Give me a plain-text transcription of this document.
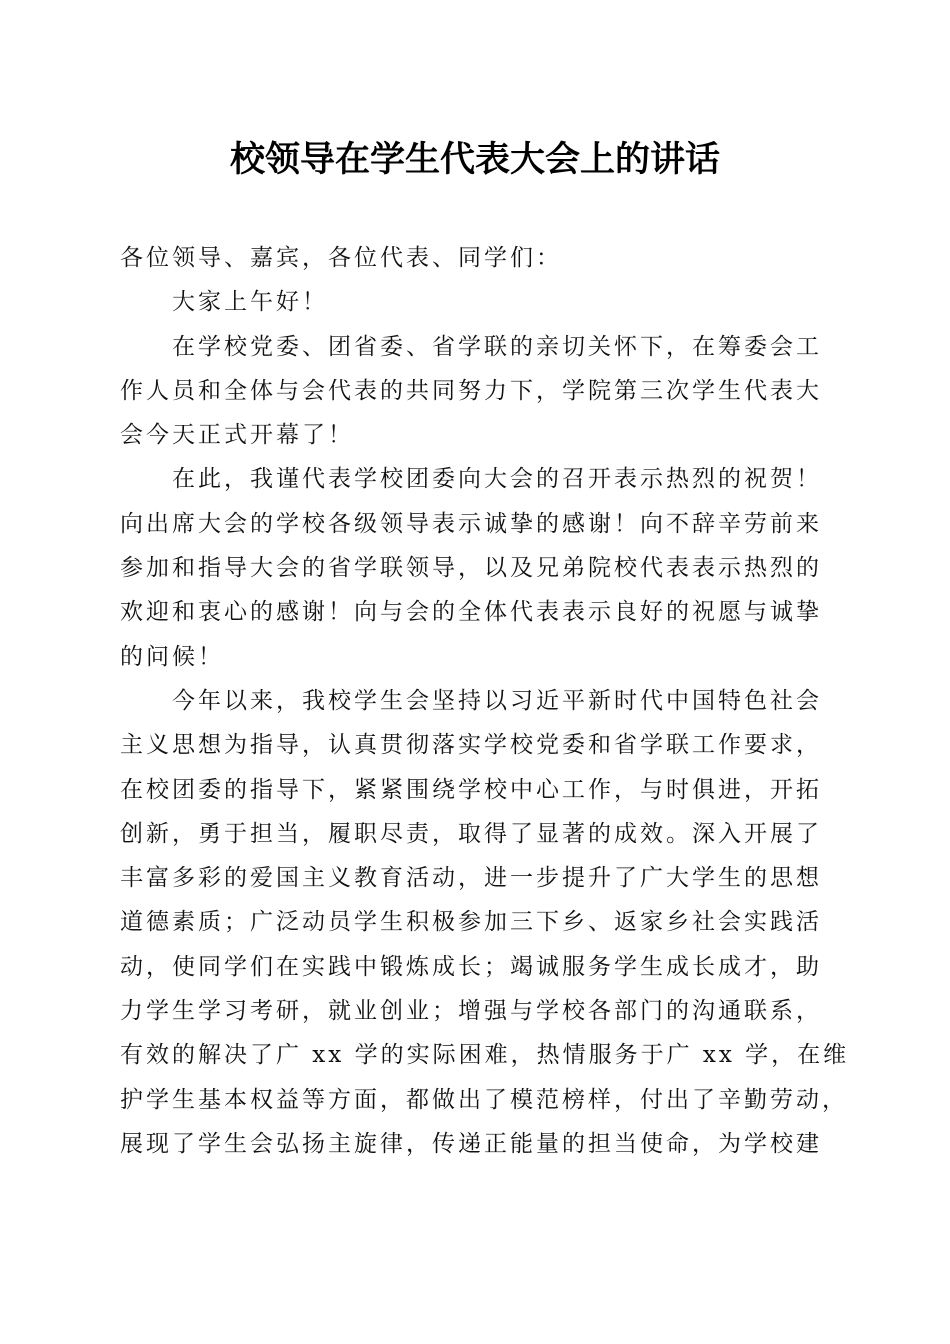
校领导在学生代表大会上的讲话
各位领导、嘉宾，各位代表、同学们：
大家上午好！
在学校党委、团省委、省学联的亲切关怀下，在筹委会工
作人员和全体与会代表的共同努力下，学院第三次学生代表大
会今天正式开幕了！
在此，我谨代表学校团委向大会的召开表示热烈的祝贺！
向出席大会的学校各级领导表示诚挚的感谢！向不辞辛劳前来
参加和指导大会的省学联领导，以及兄弟院校代表表示热烈的
欢迎和衷心的感谢！向与会的全体代表表示良好的祝愿与诚挚
的问候！
今年以来，我校学生会坚持以习近平新时代中国特色社会
主义思想为指导，认真贯彻落实学校党委和省学联工作要求，
在校团委的指导下，紧紧围绕学校中心工作，与时俱进，开拓
创新，勇于担当，履职尽责，取得了显著的成效。深入开展了
丰富多彩的爱国主义教育活动，进一步提升了广大学生的思想
道德素质；广泛动员学生积极参加三下乡、返家乡社会实践活
动，使同学们在实践中锻炼成长；竭诚服务学生成长成才，助
力学生学习考研，就业创业；增强与学校各部门的沟通联系，
有效的解决了广 xx 学的实际困难，热情服务于广 xx 学，在维
护学生基本权益等方面，都做出了模范榜样，付出了辛勤劳动，
展现了学生会弘扬主旋律，传递正能量的担当使命，为学校建
